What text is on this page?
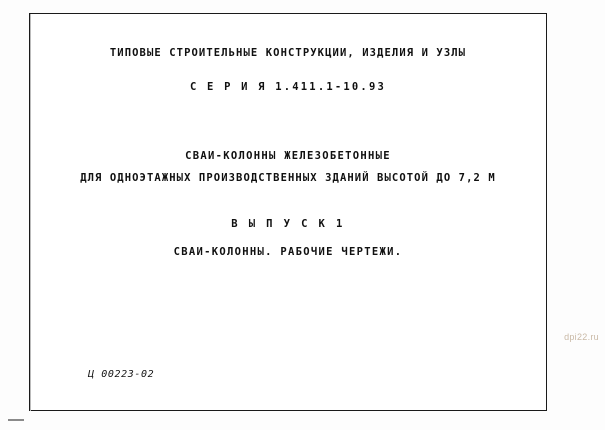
ТИПОВЫЕ СТРОИТЕЛЬНЫЕ КОНСТРУКЦИИ, ИЗДЕЛИЯ И УЗЛЫ
С Е Р И Я 1.411.1-10.93
СВАИ-КОЛОННЫ ЖЕЛЕЗОБЕТОННЫЕ
ДЛЯ ОДНОЭТАЖНЫХ ПРОИЗВОДСТВЕННЫХ ЗДАНИЙ ВЫСОТОЙ ДО 7,2 М
В Ы П У С К 1
СВАИ-КОЛОННЫ. РАБОЧИЕ ЧЕРТЕЖИ.
Ц 00223-02
dpi22.ru
